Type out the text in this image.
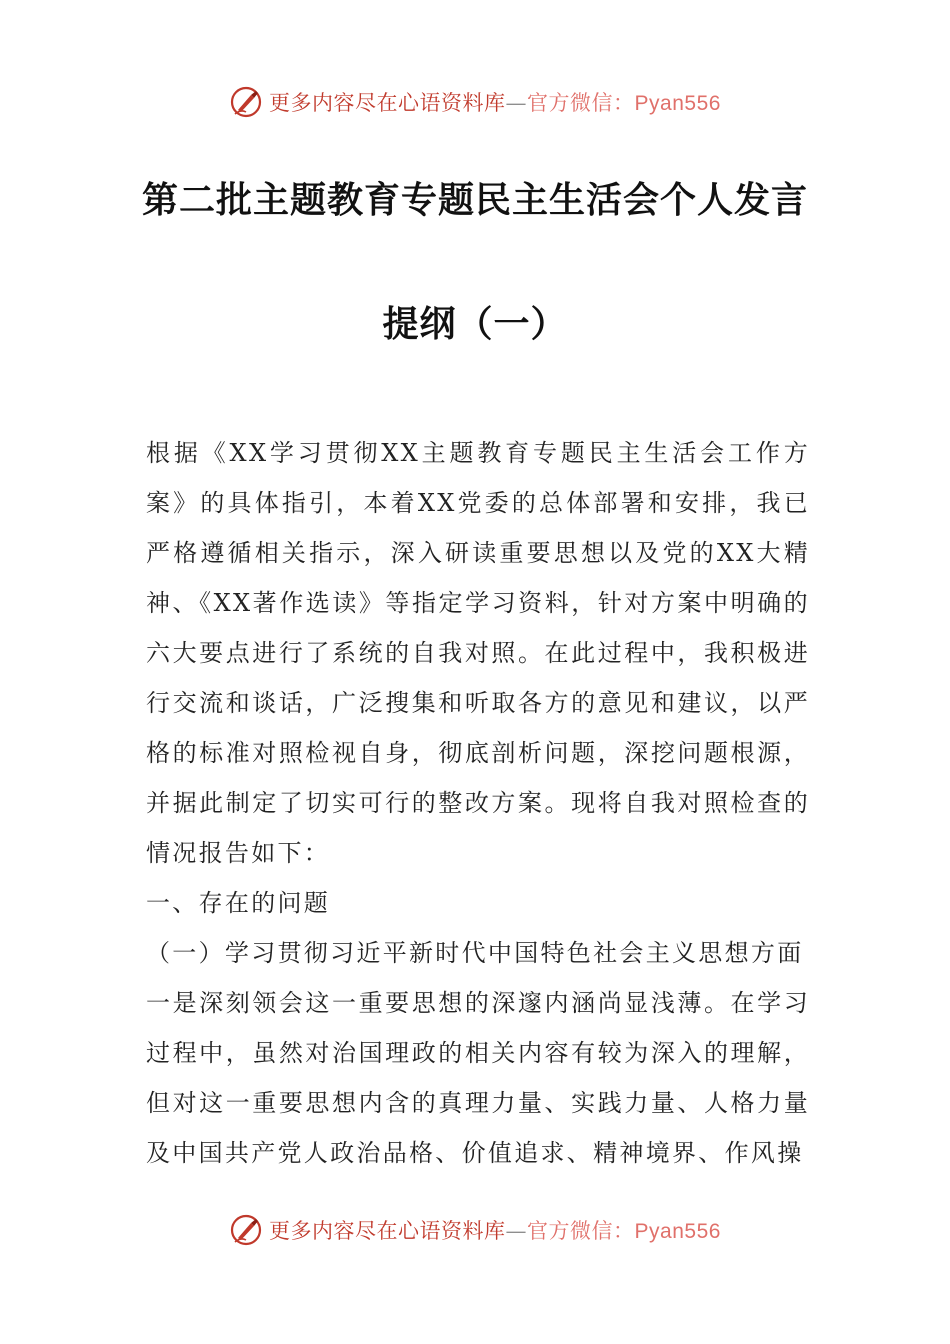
更多内容尽在心语资料库—官方微信：Pyan556
第二批主题教育专题民主生活会个人发言
提纲（一）

根据《XX学习贯彻XX主题教育专题民主生活会工作方案》的具体指引，本着XX党委的总体部署和安排，我已严格遵循相关指示，深入研读重要思想以及党的XX大精神、《XX著作选读》等指定学习资料，针对方案中明确的六大要点进行了系统的自我对照。在此过程中，我积极进行交流和谈话，广泛搜集和听取各方的意见和建议，以严格的标准对照检视自身，彻底剖析问题，深挖问题根源，并据此制定了切实可行的整改方案。现将自我对照检查的情况报告如下：

一、存在的问题

（一）学习贯彻习近平新时代中国特色社会主义思想方面

一是深刻领会这一重要思想的深邃内涵尚显浅薄。在学习过程中，虽然对治国理政的相关内容有较为深入的理解，但对这一重要思想内含的真理力量、实践力量、人格力量及中国共产党人政治品格、价值追求、精神境界、作风操

更多内容尽在心语资料库—官方微信：Pyan556
